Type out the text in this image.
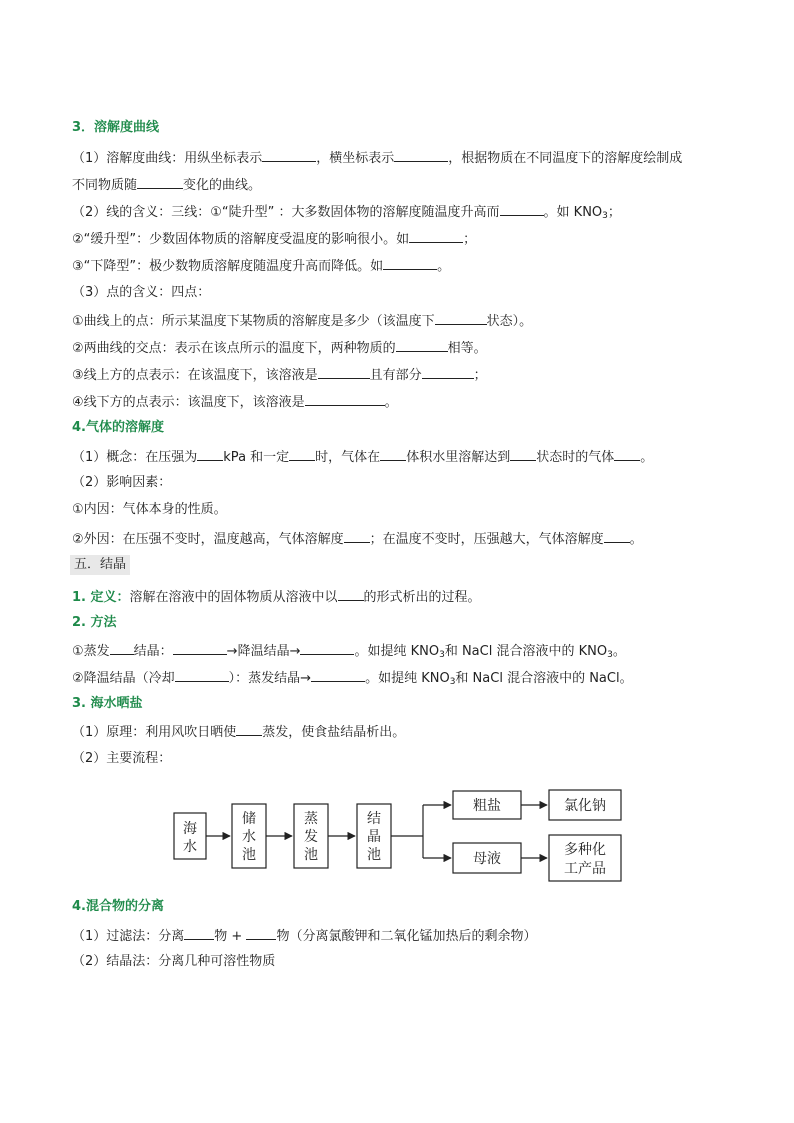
3．溶解度曲线
（1）溶解度曲线：用纵坐标表示	，横坐标表示	，根据物质在不同温度下的溶解度绘制成
不同物质随	变化的曲线。
（2）线的含义：三线：①“陡升型” ：大多数固体物的溶解度随温度升高而	。如 $KNO_3$；
②“缓升型”：少数固体物质的溶解度受温度的影响很小。如	；
③“下降型”：极少数物质溶解度随温度升高而降低。如	。
（3）点的含义：四点：
①曲线上的点：所示某温度下某物质的溶解度是多少（该温度下	状态）。
②两曲线的交点：表示在该点所示的温度下，两种物质的	相等。
③线上方的点表示：在该温度下，该溶液是	且有部分	；
④线下方的点表示：该温度下，该溶液是	。
4.气体的溶解度
（1）概念：在压强为 kPa 和一定 时，气体在 体积水里溶解达到 状态时的气体 。
（2）影响因素：
①内因：气体本身的性质。
②外因：在压强不变时，温度越高，气体溶解度 ；在温度不变时，压强越大，气体溶解度 。
五．结晶
1. 定义：溶解在溶液中的固体物质从溶液中以 的形式析出的过程。
2. 方法
①蒸发 结晶：	→降温结晶→	。如提纯 $KNO_3$和 NaCl 混合溶液中的 $KNO_3$。
②降温结晶（冷却	）：蒸发结晶→	。如提纯 $KNO_3$和 NaCl 混合溶液中的 NaCl。
3. 海水晒盐
（1）原理：利用风吹日晒使 蒸发，使食盐结晶析出。
（2）主要流程：
海
水
储
水
池
蒸
发
池
结
晶
池
粗盐	氯化钠
母液
多种化
工产品
4.混合物的分离
（1）过滤法：分离 物 + 物（分离氯酸钾和二氧化锰加热后的剩余物）
（2）结晶法：分离几种可溶性物质
